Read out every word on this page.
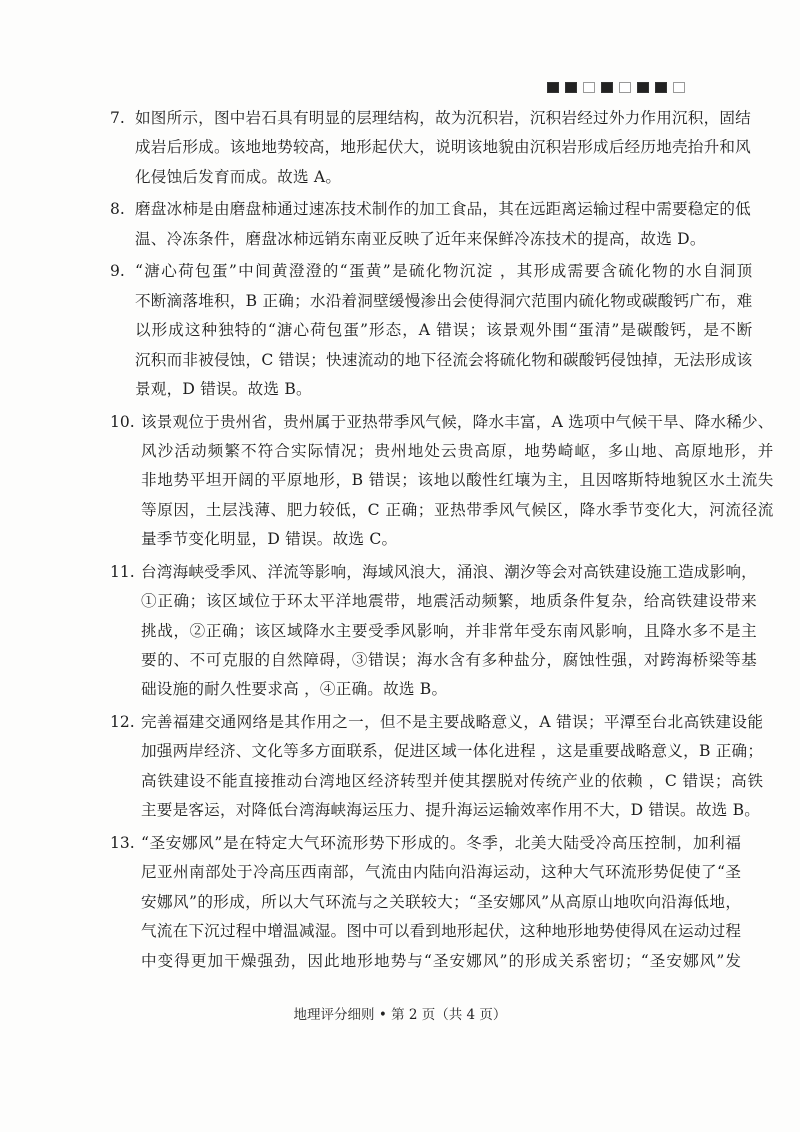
7. 如图所示，图中岩石具有明显的层理结构，故为沉积岩，沉积岩经过外力作用沉积，固结
成岩后形成。该地地势较高，地形起伏大，说明该地貌由沉积岩形成后经历地壳抬升和风
化侵蚀后发育而成。故选 A。
8. 磨盘冰柿是由磨盘柿通过速冻技术制作的加工食品，其在远距离运输过程中需要稳定的低
温、冷冻条件，磨盘冰柿远销东南亚反映了近年来保鲜冷冻技术的提高，故选 D。
9. “溏心荷包蛋”中间黄澄澄的“蛋黄”是硫化物沉淀 ，其形成需要含硫化物的水自洞顶
不断滴落堆积，B 正确；水沿着洞壁缓慢渗出会使得洞穴范围内硫化物或碳酸钙广布，难
以形成这种独特的“溏心荷包蛋”形态，A 错误；该景观外围“蛋清”是碳酸钙，是不断
沉积而非被侵蚀，C 错误；快速流动的地下径流会将硫化物和碳酸钙侵蚀掉，无法形成该
景观，D 错误。故选 B。
10. 该景观位于贵州省，贵州属于亚热带季风气候，降水丰富，A 选项中气候干旱、降水稀少、
风沙活动频繁不符合实际情况；贵州地处云贵高原，地势崎岖，多山地、高原地形，并
非地势平坦开阔的平原地形，B 错误；该地以酸性红壤为主，且因喀斯特地貌区水土流失
等原因，土层浅薄、肥力较低，C 正确；亚热带季风气候区，降水季节变化大，河流径流
量季节变化明显，D 错误。故选 C。
11. 台湾海峡受季风、洋流等影响，海域风浪大，涌浪、潮汐等会对高铁建设施工造成影响，
①正确；该区域位于环太平洋地震带，地震活动频繁，地质条件复杂，给高铁建设带来
挑战，②正确；该区域降水主要受季风影响，并非常年受东南风影响，且降水多不是主
要的、不可克服的自然障碍，③错误；海水含有多种盐分，腐蚀性强，对跨海桥梁等基
础设施的耐久性要求高 ，④正确。故选 B。
12. 完善福建交通网络是其作用之一，但不是主要战略意义，A 错误；平潭至台北高铁建设能
加强两岸经济、文化等多方面联系，促进区域一体化进程 ，这是重要战略意义，B 正确；
高铁建设不能直接推动台湾地区经济转型并使其摆脱对传统产业的依赖 ，C 错误；高铁
主要是客运，对降低台湾海峡海运压力、提升海运运输效率作用不大，D 错误。故选 B。
13. “圣安娜风”是在特定大气环流形势下形成的。冬季，北美大陆受冷高压控制，加利福
尼亚州南部处于冷高压西南部，气流由内陆向沿海运动，这种大气环流形势促使了“圣
安娜风”的形成，所以大气环流与之关联较大；“圣安娜风”从高原山地吹向沿海低地，
气流在下沉过程中增温减湿。图中可以看到地形起伏，这种地形地势使得风在运动过程
中变得更加干燥强劲，因此地形地势与“圣安娜风”的形成关系密切；“圣安娜风”发
地理评分细则 • 第 2 页（共 4 页）
